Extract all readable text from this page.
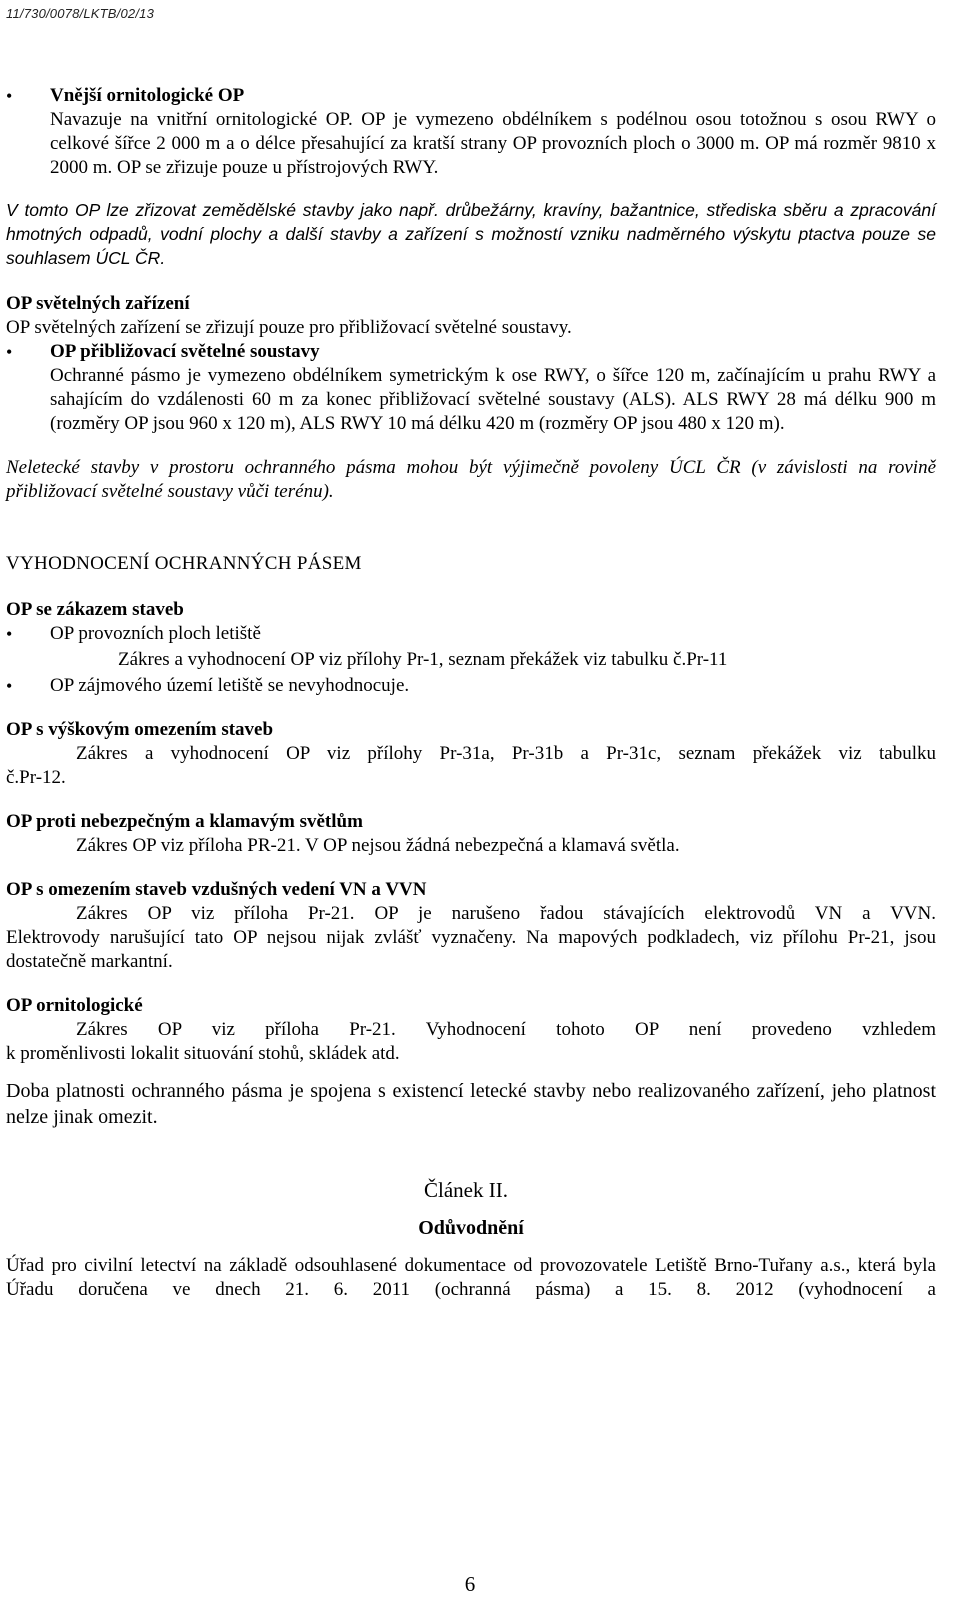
11/730/0078/LKTB/02/13
• Vnější ornitologické OP
Navazuje na vnitřní ornitologické OP. OP je vymezeno obdélníkem s podélnou osou totožnou s osou RWY o celkové šířce 2 000 m a o délce přesahující za kratší strany OP provozních ploch o 3000 m. OP má rozměr 9810 x 2000 m. OP se zřizuje pouze u přístrojových RWY.
V tomto OP lze zřizovat zemědělské stavby jako např. drůbežárny, kravíny, bažantnice, střediska sběru a zpracování hmotných odpadů, vodní plochy a další stavby a zařízení s možností vzniku nadměrného výskytu ptactva pouze se souhlasem ÚCL ČR.
OP světelných zařízení
OP světelných zařízení se zřizují pouze pro přibližovací světelné soustavy.
• OP přibližovací světelné soustavy
Ochranné pásmo je vymezeno obdélníkem symetrickým k ose RWY, o šířce 120 m, začínajícím u prahu RWY a sahajícím do vzdálenosti 60 m za konec přibližovací světelné soustavy (ALS). ALS RWY 28 má délku 900 m (rozměry OP jsou 960 x 120 m), ALS RWY 10 má délku 420 m (rozměry OP jsou 480 x 120 m).
Neletecké stavby v prostoru ochranného pásma mohou být výjimečně povoleny ÚCL ČR (v závislosti na rovině přibližovací světelné soustavy vůči terénu).
VYHODNOCENÍ OCHRANNÝCH PÁSEM
OP se zákazem staveb
• OP provozních ploch letiště
Zákres a vyhodnocení OP viz přílohy Pr-1, seznam překážek viz tabulku č.Pr-11
• OP zájmového území letiště se nevyhodnocuje.
OP s výškovým omezením staveb
Zákres a vyhodnocení OP viz přílohy Pr-31a, Pr-31b a Pr-31c, seznam překážek viz tabulku
č.Pr-12.
OP proti nebezpečným a klamavým světlům
Zákres OP viz příloha PR-21. V OP nejsou žádná nebezpečná a klamavá světla.
OP s omezením staveb vzdušných vedení VN a VVN
Zákres OP viz příloha Pr-21. OP je narušeno řadou stávajících elektrovodů VN a VVN.
Elektrovody narušující tato OP nejsou nijak zvlášť vyznačeny. Na mapových podkladech, viz přílohu Pr-21, jsou dostatečně markantní.
OP ornitologické
Zákres OP viz příloha Pr-21. Vyhodnocení tohoto OP není provedeno vzhledem
k proměnlivosti lokalit situování stohů, skládek atd.
Doba platnosti ochranného pásma je spojena s existencí letecké stavby nebo realizovaného zařízení, jeho platnost nelze jinak omezit.
Článek II.
Odůvodnění
Úřad pro civilní letectví na základě odsouhlasené dokumentace od provozovatele Letiště Brno-Tuřany a.s., která byla Úřadu doručena ve dnech 21. 6. 2011 (ochranná pásma) a 15. 8. 2012 (vyhodnocení a
6
